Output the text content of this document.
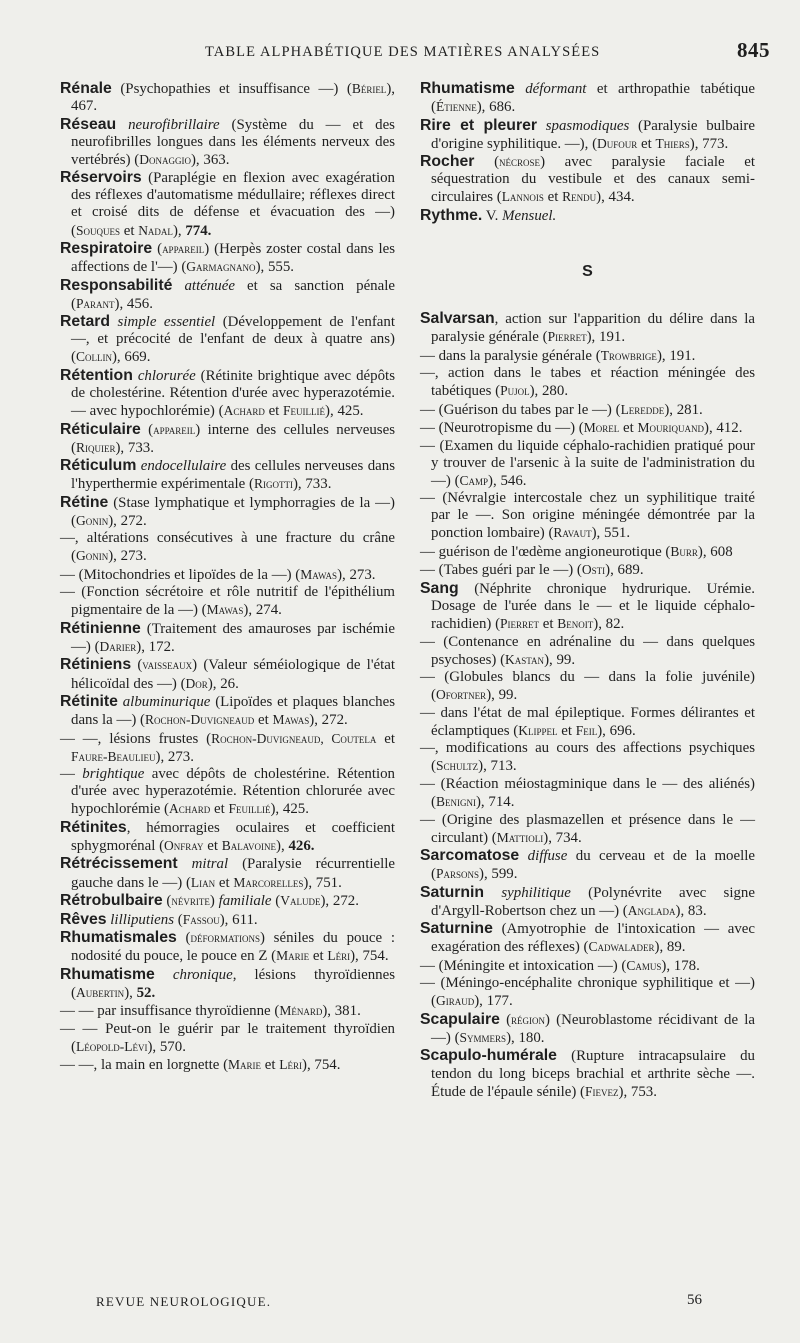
TABLE ALPHABÉTIQUE DES MATIÈRES ANALYSÉES	845

Rénale (Psychopathies et insuffisance —) (Bériel), 467.

Réseau neurofibrillaire (Système du — et des neurofibrilles longues dans les éléments nerveux des vertébrés) (Donaggio), 363.

Réservoirs (Paraplégie en flexion avec exagération des réflexes d'automatisme médullaire; réflexes direct et croisé dits de défense et évacuation des —) (Souques et Nadal), 774.

Respiratoire (appareil) (Herpès zoster costal dans les affections de l'—) (Garmagnano), 555.

Responsabilité atténuée et sa sanction pénale (Parant), 456.

Retard simple essentiel (Développement de l'enfant —, et précocité de l'enfant de deux à quatre ans) (Collin), 669.

Rétention chlorurée (Rétinite brightique avec dépôts de cholestérine. Rétention d'urée avec hyperazotémie. — avec hypochlorémie) (Achard et Feuillié), 425.

Réticulaire (appareil) interne des cellules nerveuses (Riquier), 733.

Réticulum endocellulaire des cellules nerveuses dans l'hyperthermie expérimentale (Rigotti), 733.

Rétine (Stase lymphatique et lymphorragies de la —) (Gonin), 272.

—, altérations consécutives à une fracture du crâne (Gonin), 273.

— (Mitochondries et lipoïdes de la —) (Mawas), 273.

— (Fonction sécrétoire et rôle nutritif de l'épithélium pigmentaire de la —) (Mawas), 274.

Rétinienne (Traitement des amauroses par ischémie —) (Darier), 172.

Rétiniens (vaisseaux) (Valeur séméiologique de l'état hélicoïdal des —) (Dor), 26.

Rétinite albuminurique (Lipoïdes et plaques blanches dans la —) (Rochon-Duvigneaud et Mawas), 272.

— —, lésions frustes (Rochon-Duvigneaud, Coutela et Faure-Beaulieu), 273.

— brightique avec dépôts de cholestérine. Rétention d'urée avec hyperazotémie. Rétention chlorurée avec hypochlorémie (Achard et Feuillié), 425.

Rétinites, hémorragies oculaires et coefficient sphygmorénal (Onfray et Balavoine), 426.

Rétrécissement mitral (Paralysie récurrentielle gauche dans le —) (Lian et Marcorelles), 751.

Rétrobulbaire (névrite) familiale (Valude), 272.

Rêves lilliputiens (Fassou), 611.

Rhumatismales (déformations) séniles du pouce : nodosité du pouce, le pouce en Z (Marie et Léri), 754.

Rhumatisme chronique, lésions thyroïdiennes (Aubertin), 52.

— — par insuffisance thyroïdienne (Ménard), 381.

— — Peut-on le guérir par le traitement thyroïdien (Léopold-Lévi), 570.

— —, la main en lorgnette (Marie et Léri), 754.

Rhumatisme déformant et arthropathie tabétique (Étienne), 686.

Rire et pleurer spasmodiques (Paralysie bulbaire d'origine syphilitique. —), (Dufour et Thiers), 773.

Rocher (nécrose) avec paralysie faciale et séquestration du vestibule et des canaux semi-circulaires (Lannois et Rendu), 434.

Rythme. V. Mensuel.

S

Salvarsan, action sur l'apparition du délire dans la paralysie générale (Pierret), 191.

— dans la paralysie générale (Trowbrige), 191.

—, action dans le tabes et réaction méningée des tabétiques (Pujol), 280.

— (Guérison du tabes par le —) (Leredde), 281.

— (Neurotropisme du —) (Morel et Mouriquand), 412.

— (Examen du liquide céphalo-rachidien pratiqué pour y trouver de l'arsenic à la suite de l'administration du —) (Camp), 546.

— (Névralgie intercostale chez un syphilitique traité par le —. Son origine méningée démontrée par la ponction lombaire) (Ravaut), 551.

— guérison de l'œdème angioneurotique (Burr), 608

— (Tabes guéri par le —) (Osti), 689.

Sang (Néphrite chronique hydrurique. Urémie. Dosage de l'urée dans le — et le liquide céphalo-rachidien) (Pierret et Benoit), 82.

— (Contenance en adrénaline du — dans quelques psychoses) (Kastan), 99.

— (Globules blancs du — dans la folie juvénile) (Ofortner), 99.

— dans l'état de mal épileptique. Formes délirantes et éclamptiques (Klippel et Feil), 696.

—, modifications au cours des affections psychiques (Schultz), 713.

— (Réaction méiostagminique dans le — des aliénés) (Benigni), 714.

— (Origine des plasmazellen et présence dans le — circulant) (Mattioli), 734.

Sarcomatose diffuse du cerveau et de la moelle (Parsons), 599.

Saturnin syphilitique (Polynévrite avec signe d'Argyll-Robertson chez un —) (Anglada), 83.

Saturnine (Amyotrophie de l'intoxication — avec exagération des réflexes) (Cadwalader), 89.

— (Méningite et intoxication —) (Camus), 178.

— (Méningo-encéphalite chronique syphilitique et —) (Giraud), 177.

Scapulaire (région) (Neuroblastome récidivant de la —) (Symmers), 180.

Scapulo-humérale (Rupture intracapsulaire du tendon du long biceps brachial et arthrite sèche —. Étude de l'épaule sénile) (Fievez), 753.

REVUE NEUROLOGIQUE.	56
